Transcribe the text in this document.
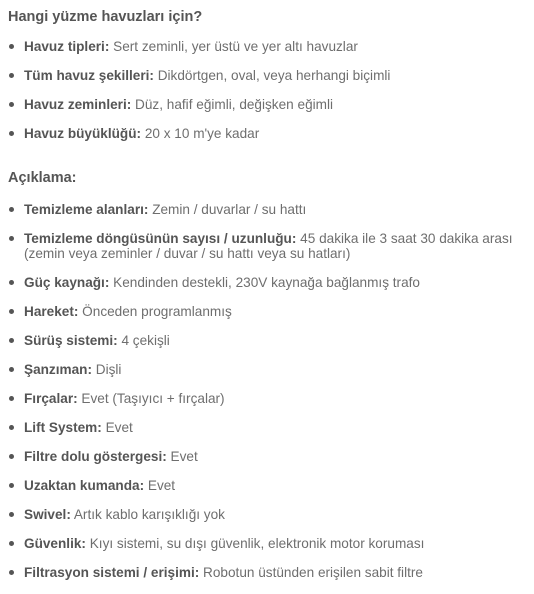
Hangi yüzme havuzları için?
Havuz tipleri: Sert zeminli, yer üstü ve yer altı havuzlar
Tüm havuz şekilleri: Dikdörtgen, oval, veya herhangi biçimli
Havuz zeminleri: Düz, hafif eğimli, değişken eğimli
Havuz büyüklüğü: 20 x 10 m'ye kadar
Açıklama:
Temizleme alanları: Zemin / duvarlar / su hattı
Temizleme döngüsünün sayısı / uzunluğu: 45 dakika ile 3 saat 30 dakika arası (zemin veya zeminler / duvar / su hattı veya su hatları)
Güç kaynağı: Kendinden destekli, 230V kaynağa bağlanmış trafo
Hareket: Önceden programlanmış
Sürüş sistemi: 4 çekişli
Şanzıman: Dişli
Fırçalar: Evet (Taşıyıcı + fırçalar)
Lift System: Evet
Filtre dolu göstergesi: Evet
Uzaktan kumanda: Evet
Swivel: Artık kablo karışıklığı yok
Güvenlik: Kıyı sistemi, su dışı güvenlik, elektronik motor koruması
Filtrasyon sistemi / erişimi: Robotun üstünden erişilen sabit filtre
